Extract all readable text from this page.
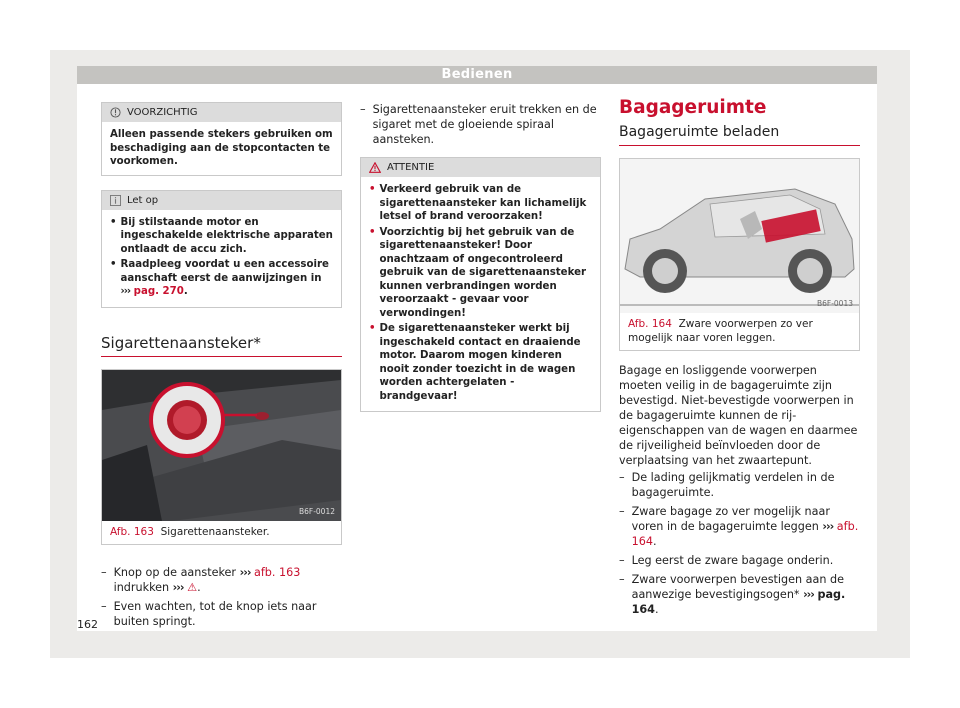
Bedienen
VOORZICHTIG
Alleen passende stekers gebruiken om beschadiging aan de stopcontacten te voorkomen.
Let op
• Bij stilstaande motor en ingeschakelde elektrische apparaten ontlaadt de accu zich.
• Raadpleeg voordat u een accessoire aanschaft eerst de aanwijzingen in ››› pag. 270.
Sigarettenaansteker*
B6F-0012
Afb. 163 Sigarettenaansteker.
– Knop op de aansteker ››› afb. 163 indrukken ››› ⚠.
– Even wachten, tot de knop iets naar buiten springt.
– Sigarettenaansteker eruit trekken en de sigaret met de gloeiende spiraal aansteken.
ATTENTIE
• Verkeerd gebruik van de sigarettenaansteker kan lichamelijk letsel of brand veroorzaken!
• Voorzichtig bij het gebruik van de sigarettenaansteker! Door onachtzaam of ongecontroleerd gebruik van de sigarettenaansteker kunnen verbrandingen worden veroorzaakt - gevaar voor verwondingen!
• De sigarettenaansteker werkt bij ingeschakeld contact en draaiende motor. Daarom mogen kinderen nooit zonder toezicht in de wagen worden achtergelaten - brandgevaar!
Bagageruimte
Bagageruimte beladen
B6F-0013
Afb. 164 Zware voorwerpen zo ver mogelijk naar voren leggen.

Bagage en losliggende voorwerpen moeten veilig in de bagageruimte zijn bevestigd. Niet-bevestigde voorwerpen in de bagageruimte kunnen de rij-eigenschappen van de wagen en daarmee de rijveiligheid beïnvloeden door de verplaatsing van het zwaartepunt.

– De lading gelijkmatig verdelen in de bagageruimte.
– Zware bagage zo ver mogelijk naar voren in de bagageruimte leggen ››› afb. 164.
– Leg eerst de zware bagage onderin.
– Zware voorwerpen bevestigen aan de aanwezige bevestigingsogen* ››› pag. 164.
162
